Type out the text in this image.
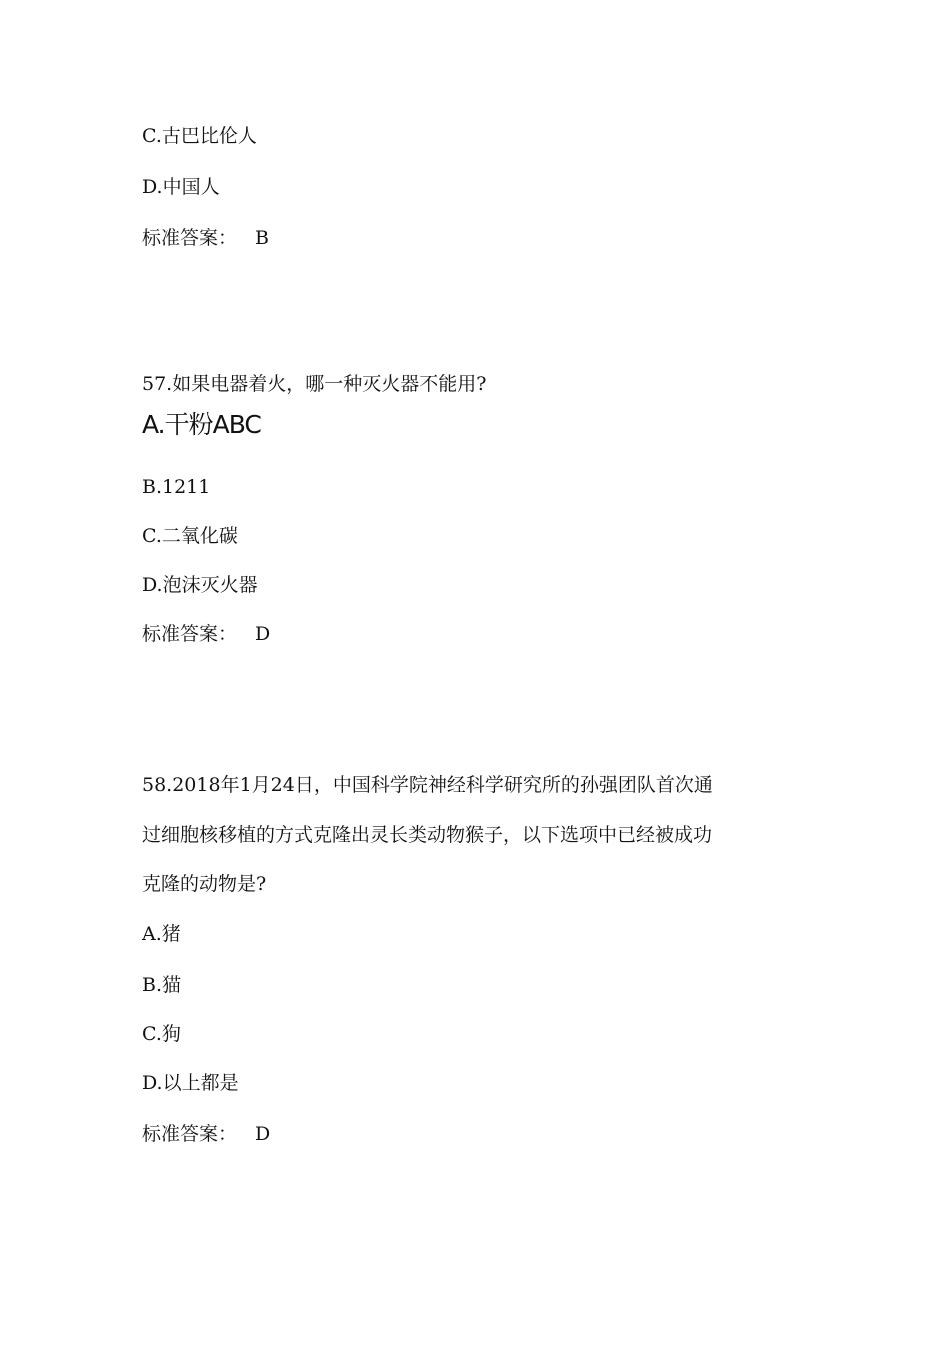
C.古巴比伦人

D.中国人

标准答案： B

57.如果电器着火，哪一种灭火器不能用?

A.干粉ABC

B.1211

C.二氧化碳

D.泡沫灭火器

标准答案： D

58.2018年1月24日，中国科学院神经科学研究所的孙强团队首次通

过细胞核移植的方式克隆出灵长类动物猴子，以下选项中已经被成功

克隆的动物是?

A.猪

B.猫

C.狗

D.以上都是

标准答案： D
